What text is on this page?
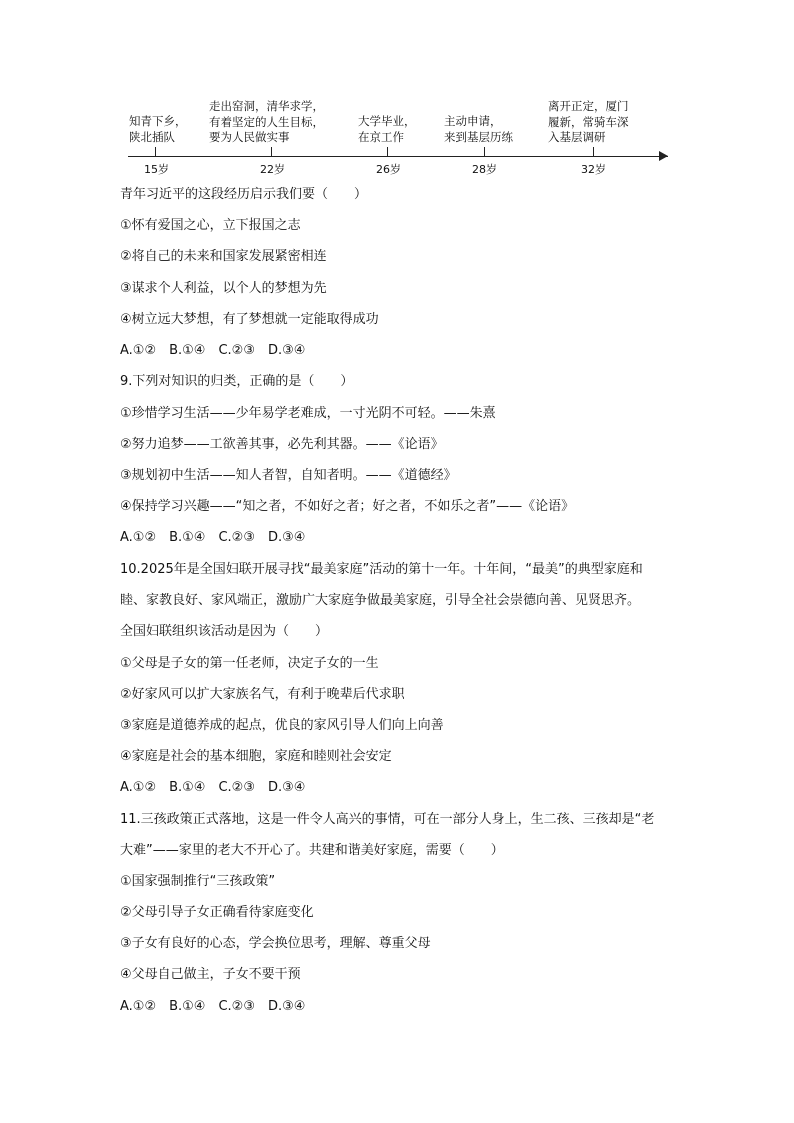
知青下乡，
陕北插队
15岁
走出窑洞，清华求学，
有着坚定的人生目标，
要为人民做实事
22岁
大学毕业，
在京工作
26岁
主动申请，
来到基层历练
28岁
离开正定，厦门
履新，常骑车深
入基层调研
32岁
青年习近平的这段经历启示我们要（　　）
①怀有爱国之心，立下报国之志
②将自己的未来和国家发展紧密相连
③谋求个人利益，以个人的梦想为先
④树立远大梦想，有了梦想就一定能取得成功
A.①②　B.①④　C.②③　D.③④
9.下列对知识的归类，正确的是（　　）
①珍惜学习生活——少年易学老难成，一寸光阴不可轻。——朱熹
②努力追梦——工欲善其事，必先利其器。——《论语》
③规划初中生活——知人者智，自知者明。——《道德经》
④保持学习兴趣——“知之者，不如好之者；好之者，不如乐之者”——《论语》
A.①②　B.①④　C.②③　D.③④
10.2025年是全国妇联开展寻找“最美家庭”活动的第十一年。十年间，“最美”的典型家庭和
睦、家教良好、家风端正，激励广大家庭争做最美家庭，引导全社会崇德向善、见贤思齐。
全国妇联组织该活动是因为（　　）
①父母是子女的第一任老师，决定子女的一生
②好家风可以扩大家族名气，有利于晚辈后代求职
③家庭是道德养成的起点，优良的家风引导人们向上向善
④家庭是社会的基本细胞，家庭和睦则社会安定
A.①②　B.①④　C.②③　D.③④
11.三孩政策正式落地，这是一件令人高兴的事情，可在一部分人身上，生二孩、三孩却是“老
大难”——家里的老大不开心了。共建和谐美好家庭，需要（　　）
①国家强制推行“三孩政策”
②父母引导子女正确看待家庭变化
③子女有良好的心态，学会换位思考，理解、尊重父母
④父母自己做主，子女不要干预
A.①②　B.①④　C.②③　D.③④
